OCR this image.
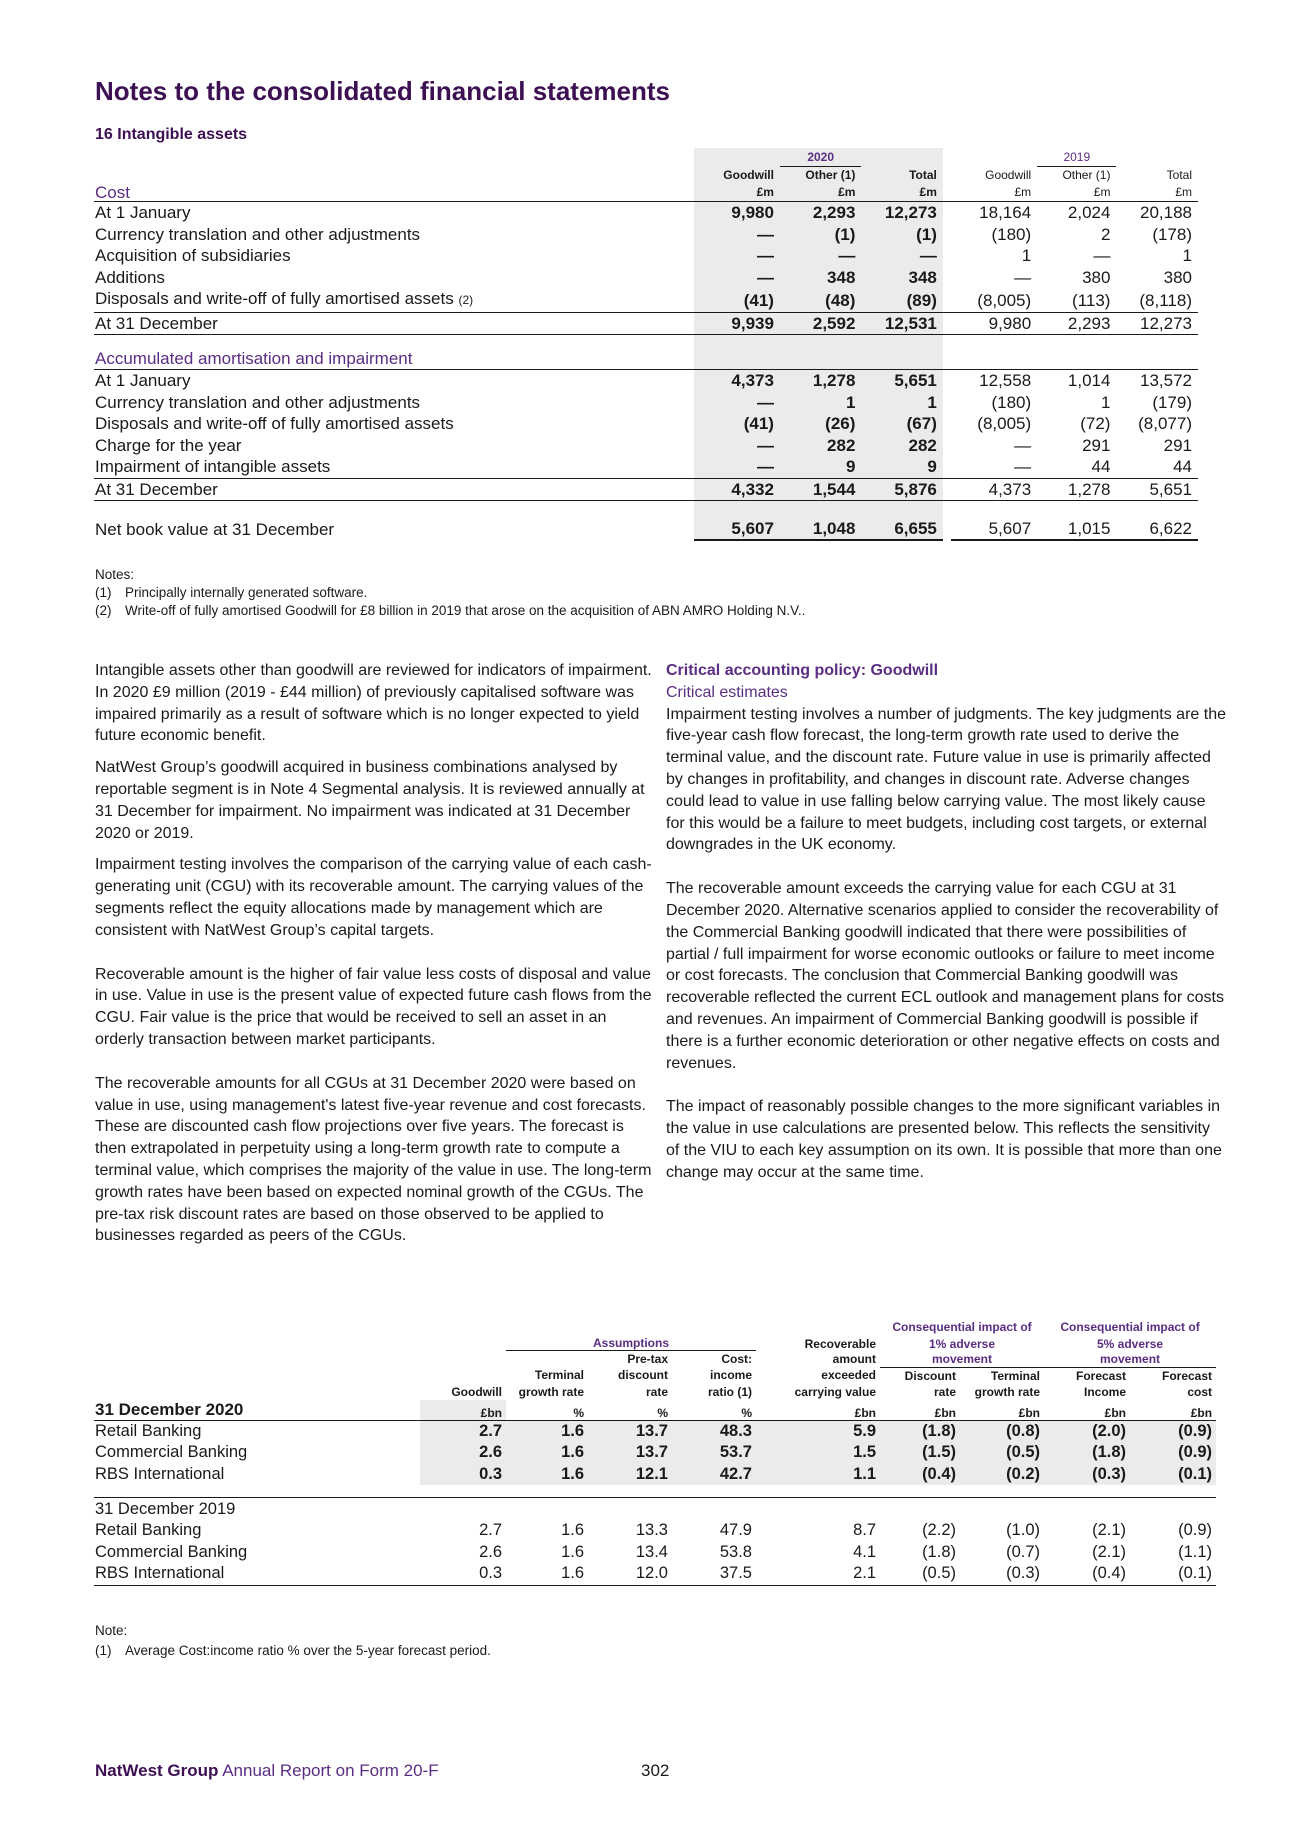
Notes to the consolidated financial statements
16 Intangible assets
		2020				2019	
	Goodwill	Other (1)	Total		Goodwill	Other (1)	Total
Cost	£m	£m	£m		£m	£m	£m
At 1 January	9,980	2,293	12,273		18,164	2,024	20,188
Currency translation and other adjustments	—	(1)	(1)		(180)	2	(178)
Acquisition of subsidiaries	—	—	—		1	—	1
Additions	—	348	348		—	380	380
Disposals and write-off of fully amortised assets (2)	(41)	(48)	(89)		(8,005)	(113)	(8,118)
At 31 December	9,939	2,592	12,531		9,980	2,293	12,273
Accumulated amortisation and impairment							
At 1 January	4,373	1,278	5,651		12,558	1,014	13,572
Currency translation and other adjustments	—	1	1		(180)	1	(179)
Disposals and write-off of fully amortised assets	(41)	(26)	(67)		(8,005)	(72)	(8,077)
Charge for the year	—	282	282		—	291	291
Impairment of intangible assets	—	9	9		—	44	44
At 31 December	4,332	1,544	5,876		4,373	1,278	5,651
Net book value at 31 December	5,607	1,048	6,655		5,607	1,015	6,622
Notes:
(1)	Principally internally generated software.
(2)	Write-off of fully amortised Goodwill for £8 billion in 2019 that arose on the acquisition of ABN AMRO Holding N.V..

Intangible assets other than goodwill are reviewed for indicators of impairment. In 2020 £9 million (2019 - £44 million) of previously capitalised software was impaired primarily as a result of software which is no longer expected to yield future economic benefit.

NatWest Group’s goodwill acquired in business combinations analysed by reportable segment is in Note 4 Segmental analysis. It is reviewed annually at 31 December for impairment. No impairment was indicated at 31 December 2020 or 2019.

Impairment testing involves the comparison of the carrying value of each cash-generating unit (CGU) with its recoverable amount. The carrying values of the segments reflect the equity allocations made by management which are consistent with NatWest Group’s capital targets.

Recoverable amount is the higher of fair value less costs of disposal and value in use. Value in use is the present value of expected future cash flows from the CGU. Fair value is the price that would be received to sell an asset in an orderly transaction between market participants.

The recoverable amounts for all CGUs at 31 December 2020 were based on value in use, using management's latest five-year revenue and cost forecasts. These are discounted cash flow projections over five years. The forecast is then extrapolated in perpetuity using a long-term growth rate to compute a terminal value, which comprises the majority of the value in use. The long-term growth rates have been based on expected nominal growth of the CGUs. The pre-tax risk discount rates are based on those observed to be applied to businesses regarded as peers of the CGUs.

Critical accounting policy: Goodwill
Critical estimates

Impairment testing involves a number of judgments. The key judgments are the five-year cash flow forecast, the long-term growth rate used to derive the terminal value, and the discount rate. Future value in use is primarily affected by changes in profitability, and changes in discount rate. Adverse changes could lead to value in use falling below carrying value. The most likely cause for this would be a failure to meet budgets, including cost targets, or external downgrades in the UK economy.

The recoverable amount exceeds the carrying value for each CGU at 31 December 2020. Alternative scenarios applied to consider the recoverability of the Commercial Banking goodwill indicated that there were possibilities of partial / full impairment for worse economic outlooks or failure to meet income or cost forecasts. The conclusion that Commercial Banking goodwill was recoverable reflected the current ECL outlook and management plans for costs and revenues. An impairment of Commercial Banking goodwill is possible if there is a further economic deterioration or other negative effects on costs and revenues.

The impact of reasonably possible changes to the more significant variables in the value in use calculations are presented below. This reflects the sensitivity of the VIU to each key assumption on its own. It is possible that more than one change may occur at the same time.

						Consequential impact of		Consequential impact of	
		Assumptions			Recoverable	1% adverse		5% adverse	
			Pre-tax	Cost:	amount	movement		movement	
		Terminal	discount	income	exceeded	Discount	Terminal	Forecast	Forecast
	Goodwill	growth rate	rate	ratio (1)	carrying value	rate	growth rate	Income	cost
31 December 2020	£bn	%	%	%	£bn	£bn	£bn	£bn	£bn
Retail Banking	2.7	1.6	13.7	48.3	5.9	(1.8)	(0.8)	(2.0)	(0.9)
Commercial Banking	2.6	1.6	13.7	53.7	1.5	(1.5)	(0.5)	(1.8)	(0.9)
RBS International	0.3	1.6	12.1	42.7	1.1	(0.4)	(0.2)	(0.3)	(0.1)

31 December 2019									
Retail Banking	2.7	1.6	13.3	47.9	8.7	(2.2)	(1.0)	(2.1)	(0.9)
Commercial Banking	2.6	1.6	13.4	53.8	4.1	(1.8)	(0.7)	(2.1)	(1.1)
RBS International	0.3	1.6	12.0	37.5	2.1	(0.5)	(0.3)	(0.4)	(0.1)
Note:
(1)	Average Cost:income ratio % over the 5-year forecast period.
NatWest Group Annual Report on Form 20-F	302
